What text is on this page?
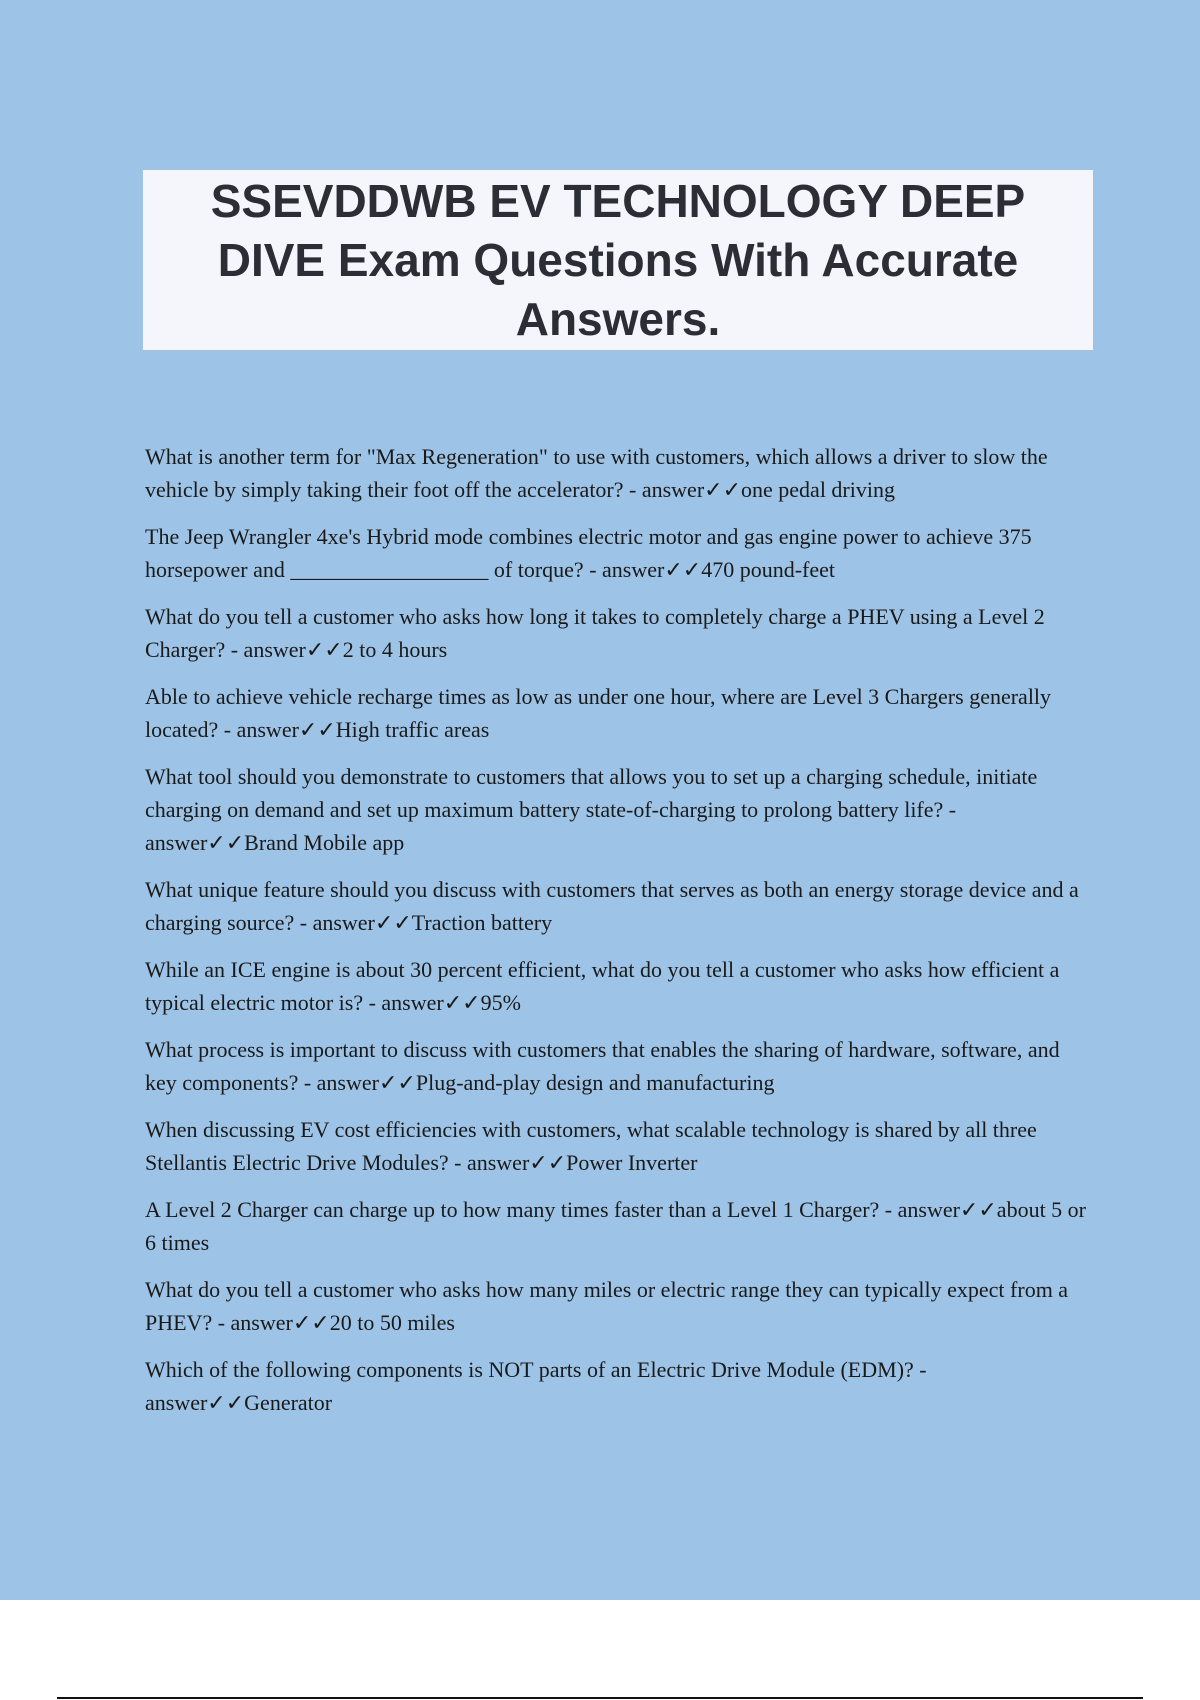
SSEVDDWB EV TECHNOLOGY DEEP DIVE Exam Questions With Accurate Answers.

What is another term for "Max Regeneration" to use with customers, which allows a driver to slow the vehicle by simply taking their foot off the accelerator? - answer✓✓one pedal driving

The Jeep Wrangler 4xe's Hybrid mode combines electric motor and gas engine power to achieve 375 horsepower and __________________ of torque? - answer✓✓470 pound-feet

What do you tell a customer who asks how long it takes to completely charge a PHEV using a Level 2 Charger? - answer✓✓2 to 4 hours

Able to achieve vehicle recharge times as low as under one hour, where are Level 3 Chargers generally located? - answer✓✓High traffic areas

What tool should you demonstrate to customers that allows you to set up a charging schedule, initiate charging on demand and set up maximum battery state-of-charging to prolong battery life? - answer✓✓Brand Mobile app

What unique feature should you discuss with customers that serves as both an energy storage device and a charging source? - answer✓✓Traction battery

While an ICE engine is about 30 percent efficient, what do you tell a customer who asks how efficient a typical electric motor is? - answer✓✓95%

What process is important to discuss with customers that enables the sharing of hardware, software, and key components? - answer✓✓Plug-and-play design and manufacturing

When discussing EV cost efficiencies with customers, what scalable technology is shared by all three Stellantis Electric Drive Modules? - answer✓✓Power Inverter

A Level 2 Charger can charge up to how many times faster than a Level 1 Charger? - answer✓✓about 5 or 6 times

What do you tell a customer who asks how many miles or electric range they can typically expect from a PHEV? - answer✓✓20 to 50 miles

Which of the following components is NOT parts of an Electric Drive Module (EDM)? - answer✓✓Generator
